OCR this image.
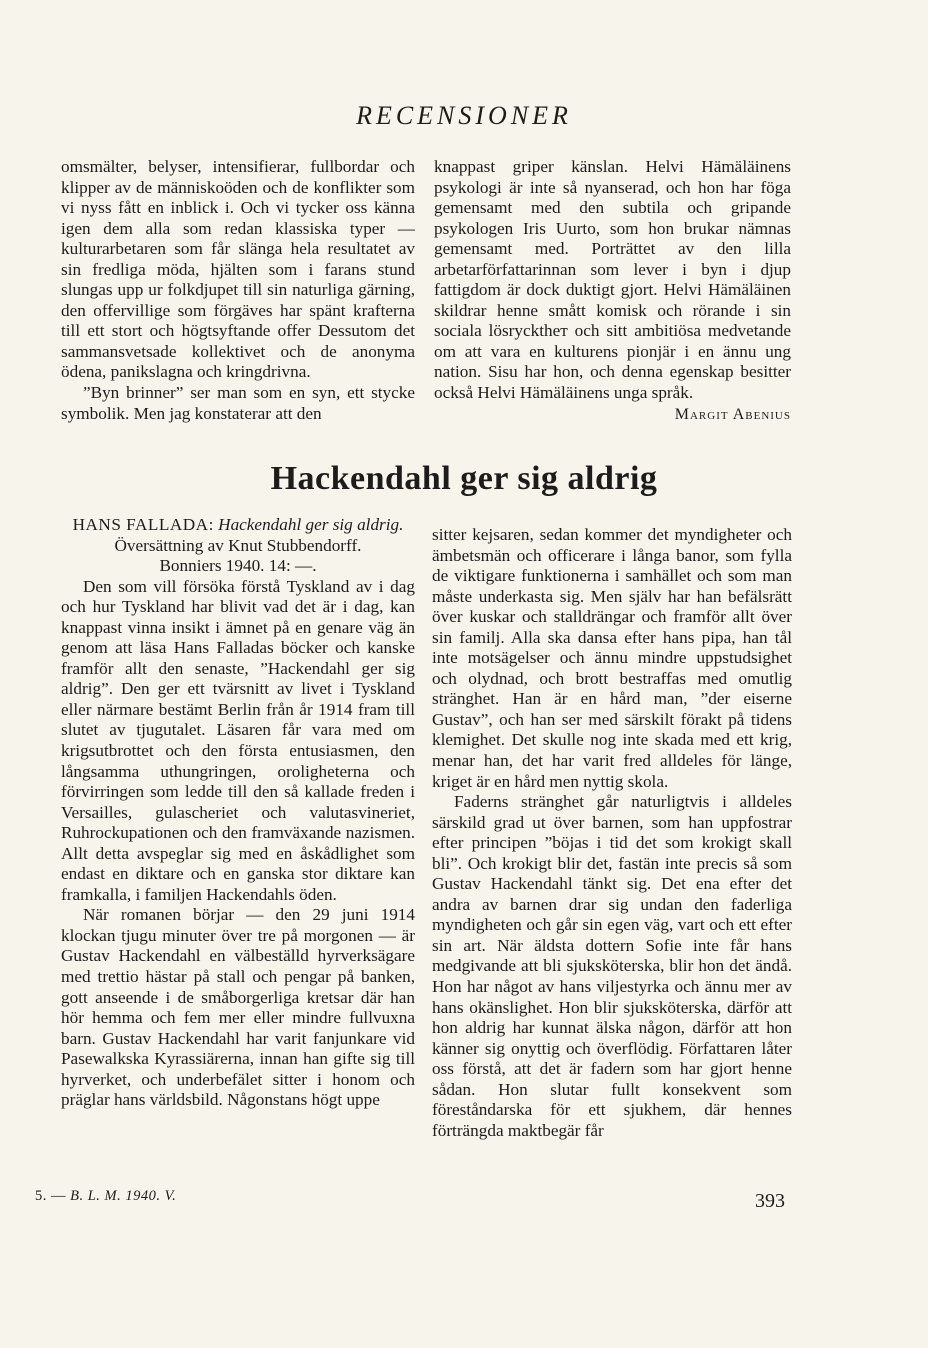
RECENSIONER

omsmälter, belyser, intensifierar, fullbordar och klipper av de människoöden och de konflikter som vi nyss fått en inblick i. Och vi tycker oss känna igen dem alla som redan klassiska typer — kulturarbetaren som får slänga hela resultatet av sin fredliga möda, hjälten som i farans stund slungas upp ur folkdjupet till sin naturliga gärning, den offervillige som förgäves har spänt krafterna till ett stort och högtsyftande offer Dessutom det sammansvetsade kollektivet och de anonyma ödena, panikslagna och kringdrivna.

”Byn brinner” ser man som en syn, ett stycke symbolik. Men jag konstaterar att den

knappast griper känslan. Helvi Hämäläinens psykologi är inte så nyanserad, och hon har föga gemensamt med den subtila och gripande psykologen Iris Uurto, som hon brukar nämnas gemensamt med. Porträttet av den lilla arbetarförfattarinnan som lever i byn i djup fattigdom är dock duktigt gjort. Helvi Hämäläinen skildrar henne smått komisk och rörande i sin sociala lösrycktheт och sitt ambitiösa medvetande om att vara en kulturens pionjär i en ännu ung nation. Sisu har hon, och denna egenskap besitter också Helvi Hämäläinens unga språk.

Margit Abenius
Hackendahl ger sig aldrig
HANS FALLADA: Hackendahl ger sig aldrig.
Översättning av Knut Stubbendorff.
Bonniers 1940. 14: —.

Den som vill försöka förstå Tyskland av i dag och hur Tyskland har blivit vad det är i dag, kan knappast vinna insikt i ämnet på en genare väg än genom att läsa Hans Falladas böcker och kanske framför allt den senaste, ”Hackendahl ger sig aldrig”. Den ger ett tvärsnitt av livet i Tyskland eller närmare bestämt Berlin från år 1914 fram till slutet av tjugutalet. Läsaren får vara med om krigsutbrottet och den första entusiasmen, den långsamma uthungringen, oroligheterna och förvirringen som ledde till den så kallade freden i Versailles, gulascheriet och valutasvineriet, Ruhrockupationen och den framväxande nazismen. Allt detta avspeglar sig med en åskådlighet som endast en diktare och en ganska stor diktare kan framkalla, i familjen Hackendahls öden.

När romanen börjar — den 29 juni 1914 klockan tjugu minuter över tre på morgonen — är Gustav Hackendahl en välbeställd hyrverksägare med trettio hästar på stall och pengar på banken, gott anseende i de småborgerliga kretsar där han hör hemma och fem mer eller mindre fullvuxna barn. Gustav Hackendahl har varit fanjunkare vid Pasewalkska Kyrassiärerna, innan han gifte sig till hyrverket, och underbefälet sitter i honom och präglar hans världsbild. Någonstans högt uppe

sitter kejsaren, sedan kommer det myndigheter och ämbetsmän och officerare i långa banor, som fylla de viktigare funktionerna i samhället och som man måste underkasta sig. Men själv har han befälsrätt över kuskar och stalldrängar och framför allt över sin familj. Alla ska dansa efter hans pipa, han tål inte motsägelser och ännu mindre uppstudsighet och olydnad, och brott bestraffas med omutlig stränghet. Han är en hård man, ”der eiserne Gustav”, och han ser med särskilt förakt på tidens klemighet. Det skulle nog inte skada med ett krig, menar han, det har varit fred alldeles för länge, kriget är en hård men nyttig skola.

Faderns stränghet går naturligtvis i alldeles särskild grad ut över barnen, som han uppfostrar efter principen ”böjas i tid det som krokigt skall bli”. Och krokigt blir det, fastän inte precis så som Gustav Hackendahl tänkt sig. Det ena efter det andra av barnen drar sig undan den faderliga myndigheten och går sin egen väg, vart och ett efter sin art. När äldsta dottern Sofie inte får hans medgivande att bli sjuksköterska, blir hon det ändå. Hon har något av hans viljestyrka och ännu mer av hans okänslighet. Hon blir sjuksköterska, därför att hon aldrig har kunnat älska någon, därför att hon känner sig onyttig och överflödig. Författaren låter oss förstå, att det är fadern som har gjort henne sådan. Hon slutar fullt konsekvent som föreståndarska för ett sjukhem, där hennes förträngda maktbegär får

5. — B. L. M. 1940. V.	393
